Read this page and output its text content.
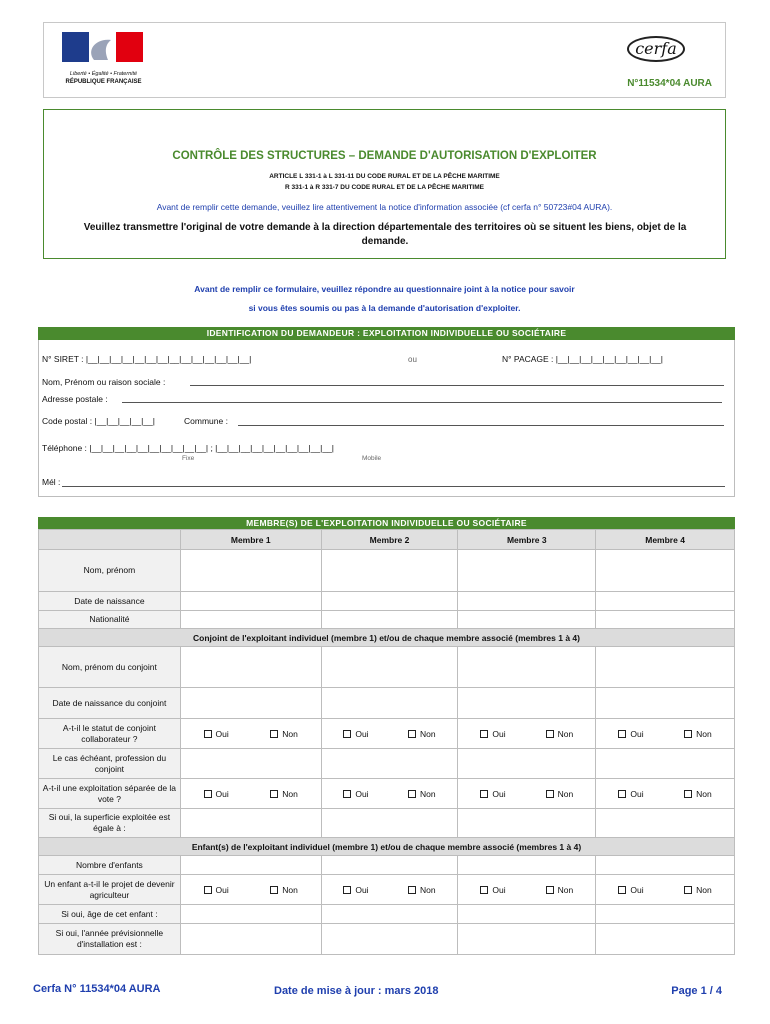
Liberté • Égalité • Fraternité
RÉPUBLIQUE FRANÇAISE
cerfa
N°11534*04 AURA
CONTRÔLE DES STRUCTURES – DEMANDE D'AUTORISATION D'EXPLOITER
ARTICLE L 331-1 à L 331-11 DU CODE RURAL ET DE LA PÊCHE MARITIME
R 331-1 à R 331-7 DU CODE RURAL ET DE LA PÊCHE MARITIME
Avant de remplir cette demande, veuillez lire attentivement la notice d'information associée (cf cerfa n° 50723#04 AURA).
Veuillez transmettre l'original de votre demande à la direction départementale des territoires où se situent les biens, objet de la demande.
Avant de remplir ce formulaire, veuillez répondre au questionnaire joint à la notice pour savoir
si vous êtes soumis ou pas à la demande d'autorisation d'exploiter.
IDENTIFICATION DU DEMANDEUR : EXPLOITATION INDIVIDUELLE OU SOCIÉTAIRE
N° SIRET : |__|__|__|__|__|__|__|__|__|__|__|__|__|__|	ou	N° PACAGE : |__|__|__|__|__|__|__|__|__|
Nom, Prénom ou raison sociale :
Adresse postale :
Code postal : |__|__|__|__|__|	Commune :
Téléphone : |__|__|__|__|__|__|__|__|__|__| ; |__|__|__|__|__|__|__|__|__|__|
Fixe	Mobile
Mél :
MEMBRE(S) DE L'EXPLOITATION INDIVIDUELLE OU SOCIÉTAIRE
	Membre 1	Membre 2	Membre 3	Membre 4
Nom, prénom				
Date de naissance				
Nationalité				
Conjoint de l'exploitant individuel (membre 1) et/ou de chaque membre associé (membres 1 à 4)				
Nom, prénom du conjoint				
Date de naissance du conjoint				
A-t-il le statut de conjoint collaborateur ?	Oui Non	Oui Non	Oui Non	Oui Non

Le cas échéant, profession du conjoint				
A-t-il une exploitation séparée de la vote ?	Oui Non	Oui Non	Oui Non	Oui Non

Si oui, la superficie exploitée est égale à :				
Enfant(s) de l'exploitant individuel (membre 1) et/ou de chaque membre associé (membres 1 à 4)				
Nombre d'enfants				
Un enfant a-t-il le projet de devenir agriculteur	Oui Non	Oui Non	Oui Non	Oui Non

Si oui, âge de cet enfant :				
Si oui, l'année prévisionnelle d'installation est :				
Cerfa N° 11534*04 AURA	Date de mise à jour : mars 2018	Page 1 / 4
